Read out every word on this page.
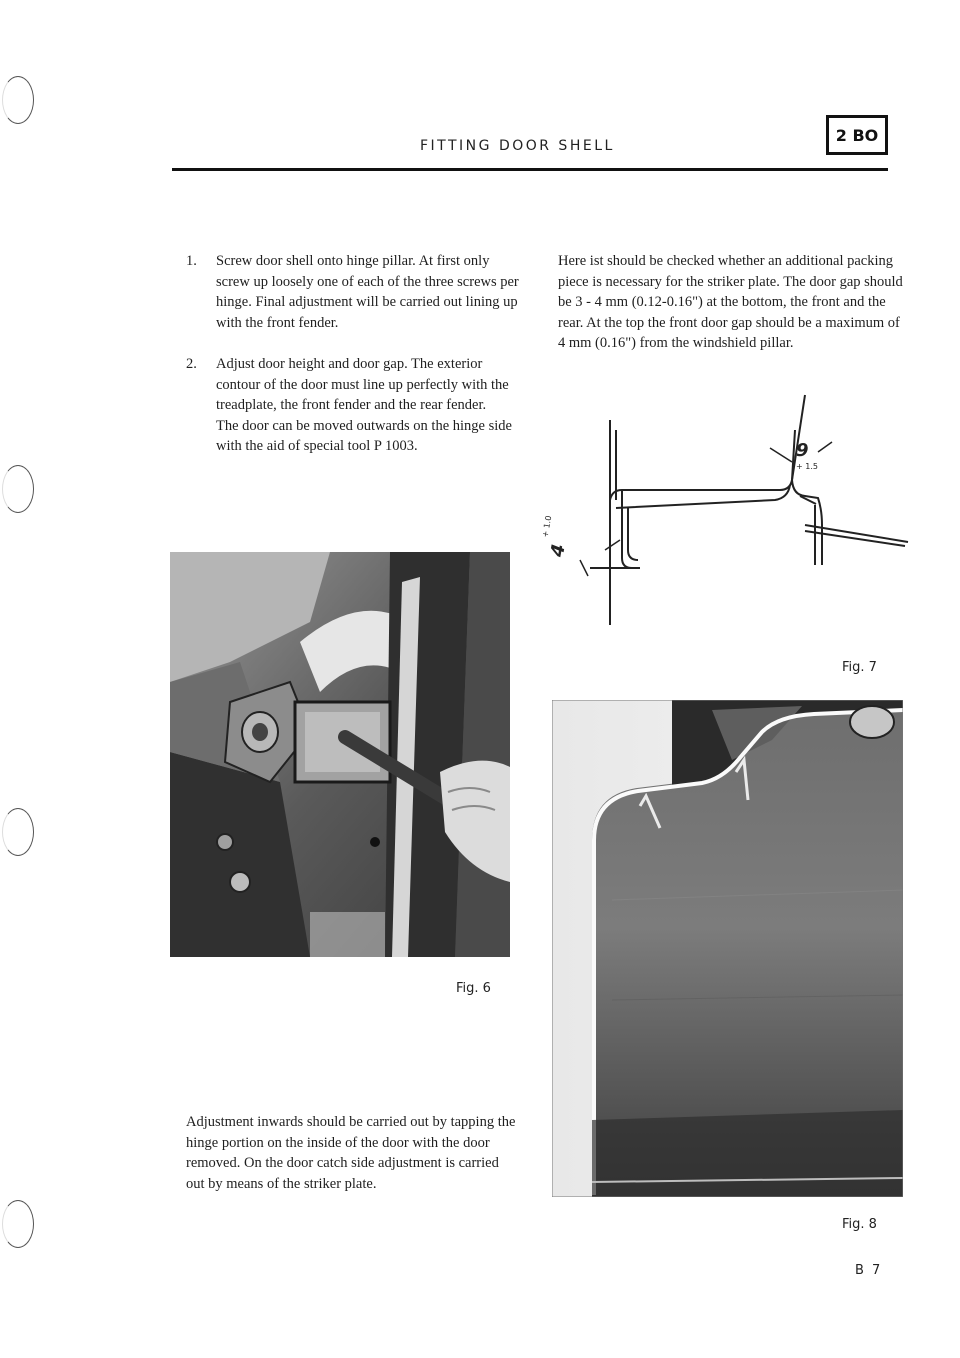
FITTING DOOR SHELL
2 BO
1.	Screw door shell onto hinge pillar. At first only screw up loosely one of each of the three screws per hinge. Final adjustment will be carried out lining up with the front fender.
2.	Adjust door height and door gap. The exterior contour of the door must line up perfectly with the treadplate, the front fender and the rear fender.
The door can be moved outwards on the hinge side with the aid of special tool P 1003.
Fig. 6
Adjustment inwards should be carried out by tapping the hinge portion on the inside of the door with the door removed. On the door catch side adjustment is carried out by means of the striker plate.
Here ist should be checked whether an additional packing piece is necessary for the striker plate. The door gap should be 3 - 4 mm (0.12-0.16") at the bottom, the front and the rear. At the top the front door gap should be a maximum of 4 mm (0.16") from the windshield pillar.
9
+ 1.5
4
+ 1.0
Fig. 7
Fig. 8
B 7
